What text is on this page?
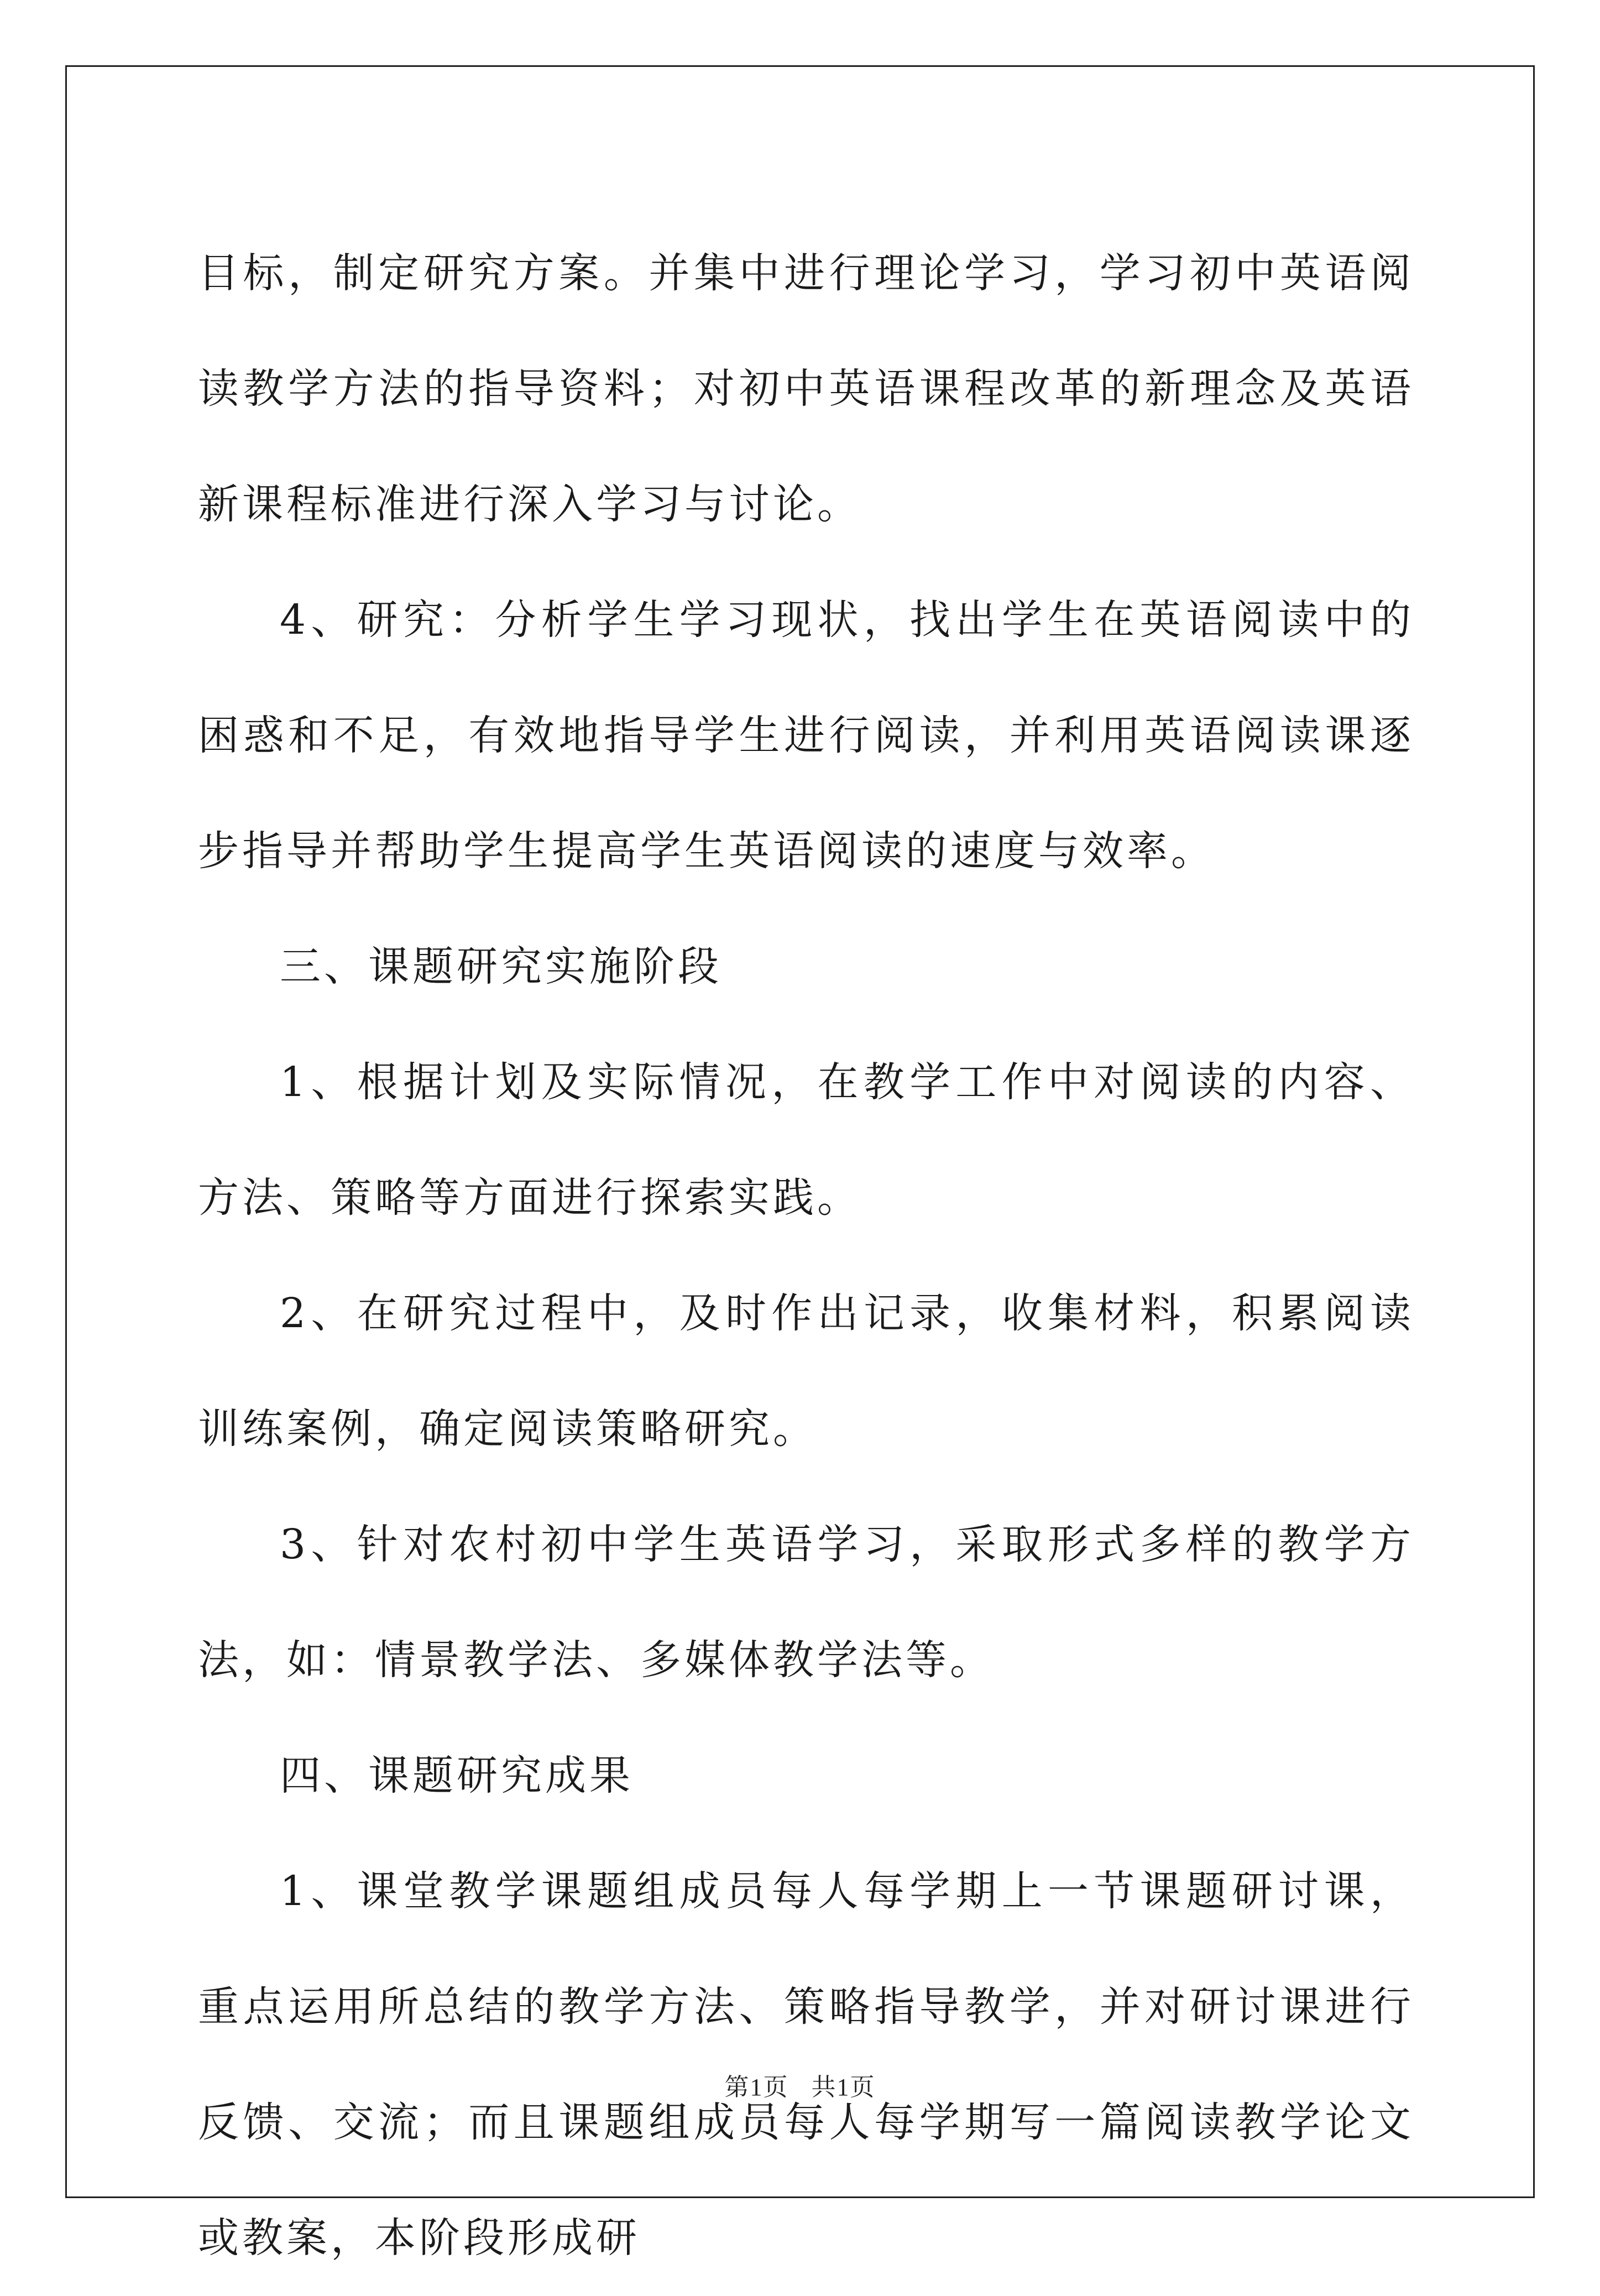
目标，制定研究方案。并集中进行理论学习，学习初中英语阅读教学方法的指导资料；对初中英语课程改革的新理念及英语新课程标准进行深入学习与讨论。

4、研究：分析学生学习现状，找出学生在英语阅读中的困惑和不足，有效地指导学生进行阅读，并利用英语阅读课逐步指导并帮助学生提高学生英语阅读的速度与效率。

三、课题研究实施阶段

1、根据计划及实际情况，在教学工作中对阅读的内容、方法、策略等方面进行探索实践。

2、在研究过程中，及时作出记录，收集材料，积累阅读训练案例，确定阅读策略研究。

3、针对农村初中学生英语学习，采取形式多样的教学方法，如：情景教学法、多媒体教学法等。

四、课题研究成果

1、课堂教学课题组成员每人每学期上一节课题研讨课，重点运用所总结的教学方法、策略指导教学，并对研讨课进行反馈、交流；而且课题组成员每人每学期写一篇阅读教学论文或教案，本阶段形成研

第1页 共1页
